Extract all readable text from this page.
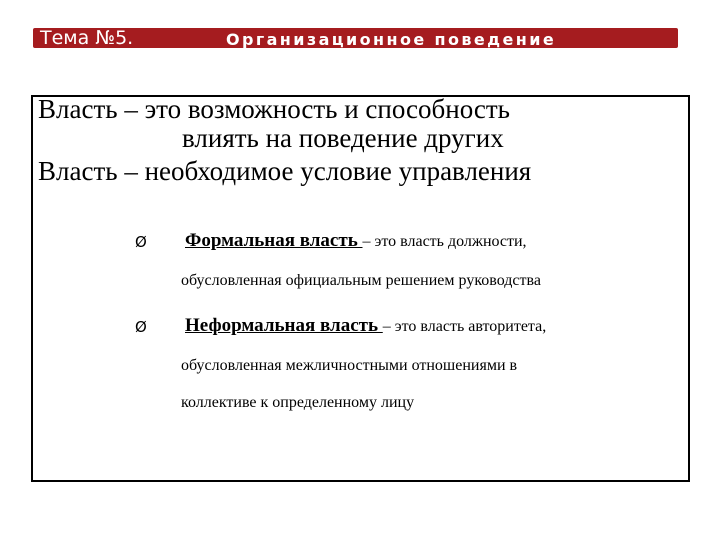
Тема №5.	Организационное поведение
Власть – это возможность и способность
влиять на поведение других
Власть – необходимое условие управления
Ø Формальная власть – это власть должности,
обусловленная официальным решением руководства
Ø Неформальная власть – это власть авторитета,
обусловленная межличностными отношениями в
коллективе к определенному лицу
